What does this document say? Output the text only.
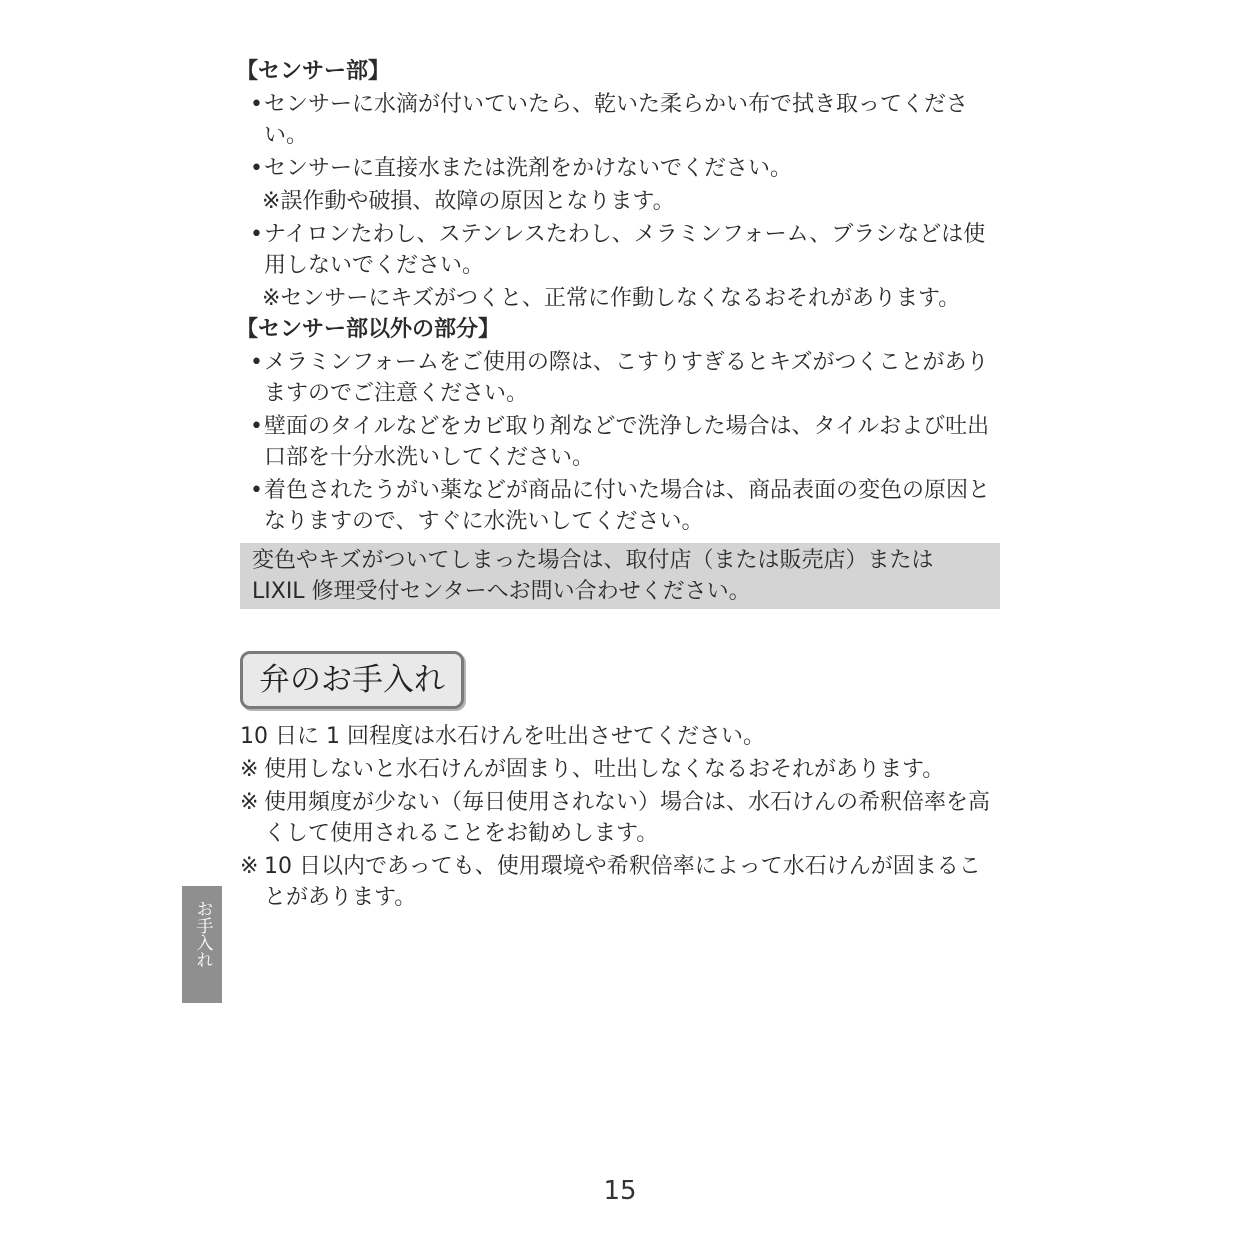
【センサー部】
• センサーに水滴が付いていたら、乾いた柔らかい布で拭き取ってください。
• センサーに直接水または洗剤をかけないでください。
※誤作動や破損、故障の原因となります。
• ナイロンたわし、ステンレスたわし、メラミンフォーム、ブラシなどは使用しないでください。
※センサーにキズがつくと、正常に作動しなくなるおそれがあります。
【センサー部以外の部分】
• メラミンフォームをご使用の際は、こすりすぎるとキズがつくことがありますのでご注意ください。
• 壁面のタイルなどをカビ取り剤などで洗浄した場合は、タイルおよび吐出口部を十分水洗いしてください。
• 着色されたうがい薬などが商品に付いた場合は、商品表面の変色の原因となりますので、すぐに水洗いしてください。
変色やキズがついてしまった場合は、取付店（または販売店）または
LIXIL 修理受付センターへお問い合わせください。
弁のお手入れ
10 日に 1 回程度は水石けんを吐出させてください。
※ 使用しないと水石けんが固まり、吐出しなくなるおそれがあります。
※ 使用頻度が少ない（毎日使用されない）場合は、水石けんの希釈倍率を高くして使用されることをお勧めします。
※ 10 日以内であっても、使用環境や希釈倍率によって水石けんが固まることがあります。
お手入れ
15
